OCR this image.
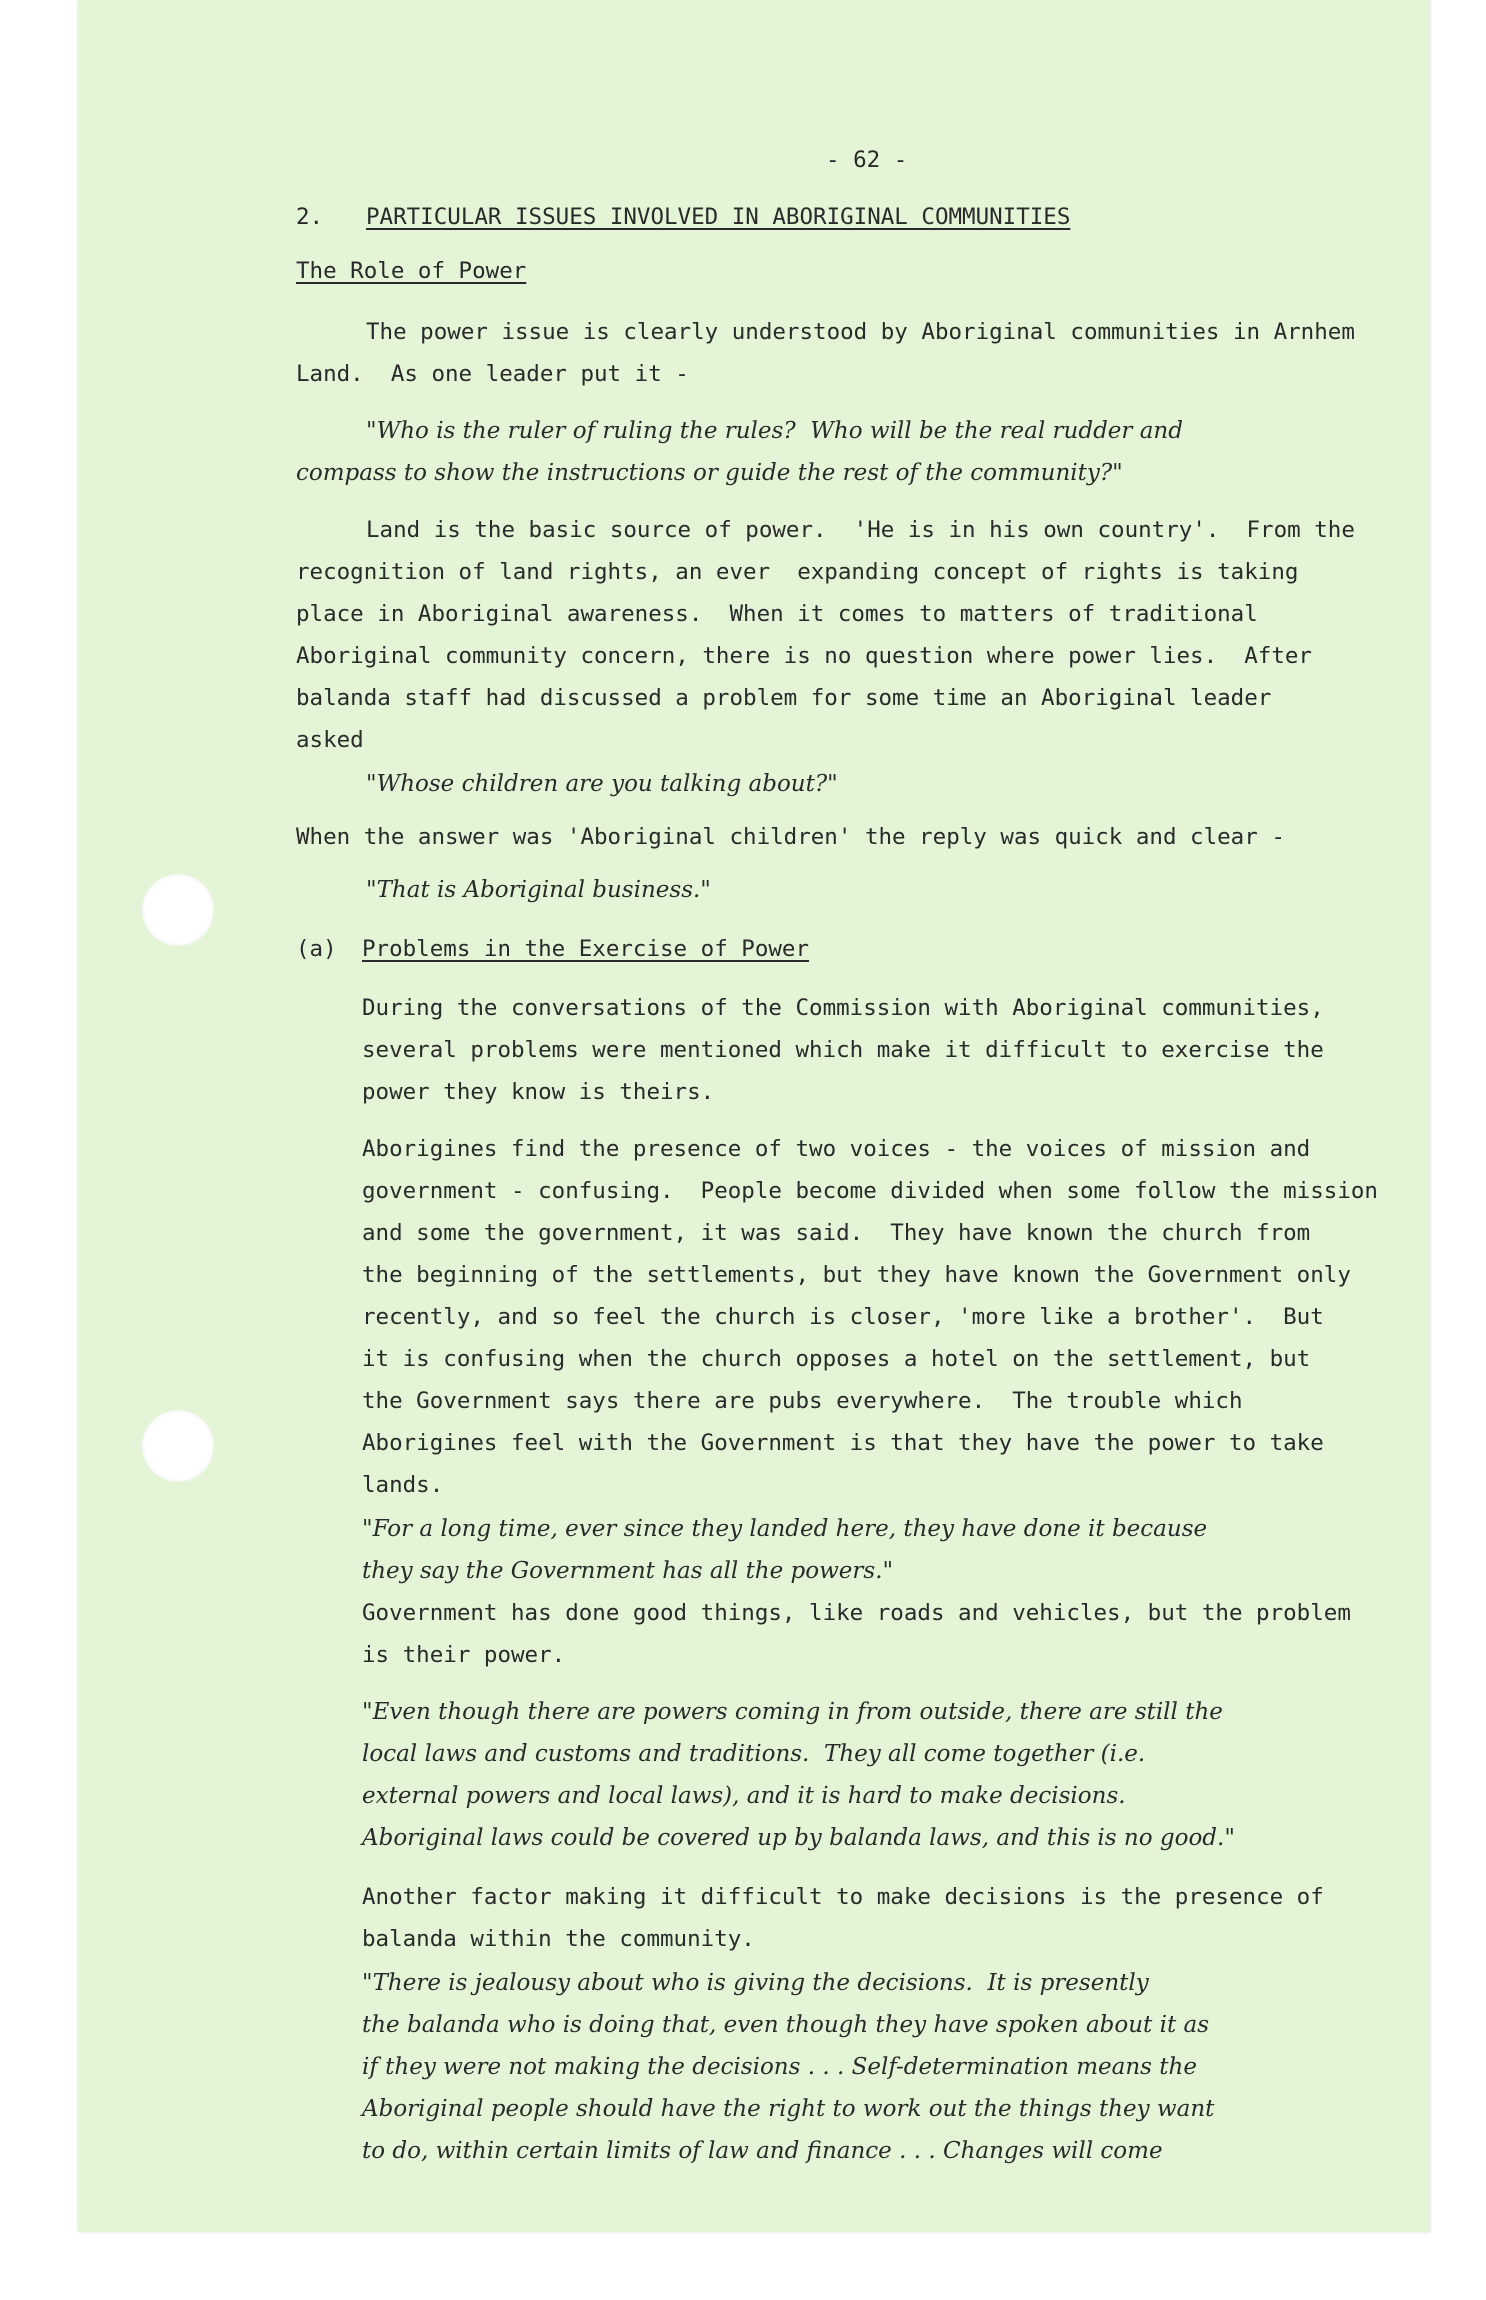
- 62 -
2. PARTICULAR ISSUES INVOLVED IN ABORIGINAL COMMUNITIES
The Role of Power
The power issue is clearly understood by Aboriginal communities in Arnhem
Land.  As one leader put it -
"Who is the ruler of ruling the rules?  Who will be the real rudder and
compass to show the instructions or guide the rest of the community?"
Land is the basic source of power.  'He is in his own country'.  From the
recognition of land rights, an ever  expanding concept of rights is taking
place in Aboriginal awareness.  When it comes to matters of traditional
Aboriginal community concern, there is no question where power lies.  After
balanda staff had discussed a problem for some time an Aboriginal leader
asked
"Whose children are you talking about?"
When the answer was 'Aboriginal children' the reply was quick and clear -
"That is Aboriginal business."
(a) Problems in the Exercise of Power
During the conversations of the Commission with Aboriginal communities,
several problems were mentioned which make it difficult to exercise the
power they know is theirs.
Aborigines find the presence of two voices - the voices of mission and
government - confusing.  People become divided when some follow the mission
and some the government, it was said.  They have known the church from
the beginning of the settlements, but they have known the Government only
recently, and so feel the church is closer, 'more like a brother'.  But
it is confusing when the church opposes a hotel on the settlement, but
the Government says there are pubs everywhere.  The trouble which
Aborigines feel with the Government is that they have the power to take
lands.
"For a long time, ever since they landed here, they have done it because
they say the Government has all the powers."
Government has done good things, like roads and vehicles, but the problem
is their power.
"Even though there are powers coming in from outside, there are still the
local laws and customs and traditions.  They all come together (i.e.
external powers and local laws), and it is hard to make decisions.
Aboriginal laws could be covered up by balanda laws, and this is no good."
Another factor making it difficult to make decisions is the presence of
balanda within the community.
"There is jealousy about who is giving the decisions.  It is presently
the balanda who is doing that, even though they have spoken about it as
if they were not making the decisions . . . Self-determination means the
Aboriginal people should have the right to work out the things they want
to do, within certain limits of law and finance . . . Changes will come
